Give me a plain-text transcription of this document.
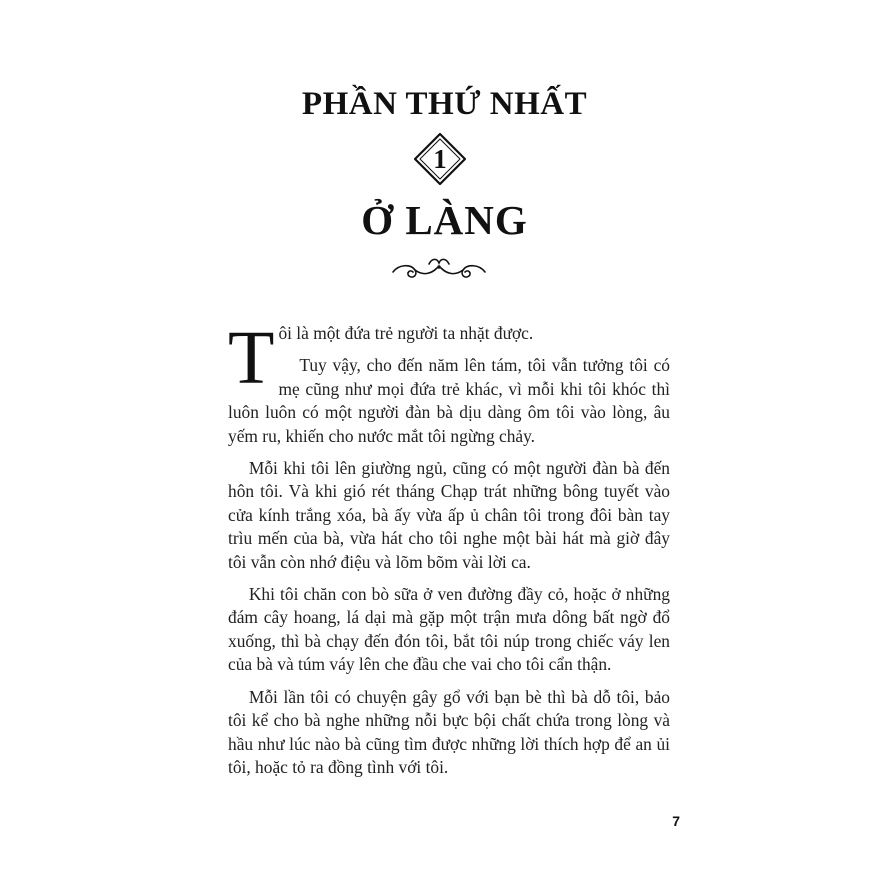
PHẦN THỨ NHẤT
1
Ở LÀNG

Tôi là một đứa trẻ người ta nhặt được.

Tuy vậy, cho đến năm lên tám, tôi vẫn tưởng tôi có mẹ cũng như mọi đứa trẻ khác, vì mỗi khi tôi khóc thì luôn luôn có một người đàn bà dịu dàng ôm tôi vào lòng, âu yếm ru, khiến cho nước mắt tôi ngừng chảy.

Mỗi khi tôi lên giường ngủ, cũng có một người đàn bà đến hôn tôi. Và khi gió rét tháng Chạp trát những bông tuyết vào cửa kính trắng xóa, bà ấy vừa ấp ủ chân tôi trong đôi bàn tay trìu mến của bà, vừa hát cho tôi nghe một bài hát mà giờ đây tôi vẫn còn nhớ điệu và lõm bõm vài lời ca.

Khi tôi chăn con bò sữa ở ven đường đầy cỏ, hoặc ở những đám cây hoang, lá dại mà gặp một trận mưa dông bất ngờ đổ xuống, thì bà chạy đến đón tôi, bắt tôi núp trong chiếc váy len của bà và túm váy lên che đầu che vai cho tôi cẩn thận.

Mỗi lần tôi có chuyện gây gổ với bạn bè thì bà dỗ tôi, bảo tôi kể cho bà nghe những nỗi bực bội chất chứa trong lòng và hầu như lúc nào bà cũng tìm được những lời thích hợp để an ủi tôi, hoặc tỏ ra đồng tình với tôi.

7
